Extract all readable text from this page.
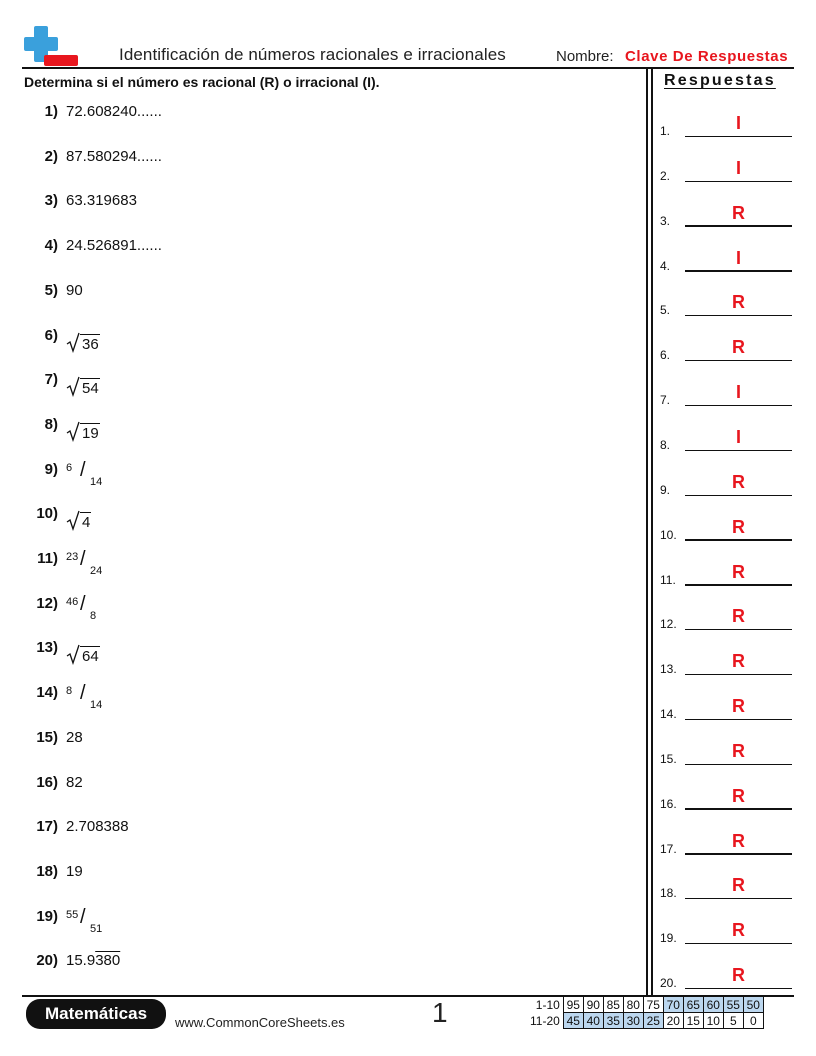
Identificación de números racionales e irracionales	Nombre: Clave De Respuestas
Determina si el número es racional (R) o irracional (I).
1) 72.608240......
2) 87.580294......
3) 63.319683
4) 24.526891......
5) 90
6)
36
7)
54
8)
19
9) 6 /
14
10)
4
11) 23 /
24
12) 46 /
8
13)
64
14) 8 /
14
15) 28
16) 82
17) 2.708388
18) 19
19) 55 /
51
20) 15.9380
Respuestas
1.	I
2.	I
3.	R
4.	I
5.	R
6.	R
7.	I
8.	I
9.	R
10.	R
11.	R
12.	R
13.	R
14.	R
15.	R
16.	R
17.	R
18.	R
19.	R
20.	R
Matemáticas	www.CommonCoreSheets.es	1	1-10	95	90	85	80	75	70	65	60	55	50
11-20	45	40	35	30	25	20	15	10	5	0
